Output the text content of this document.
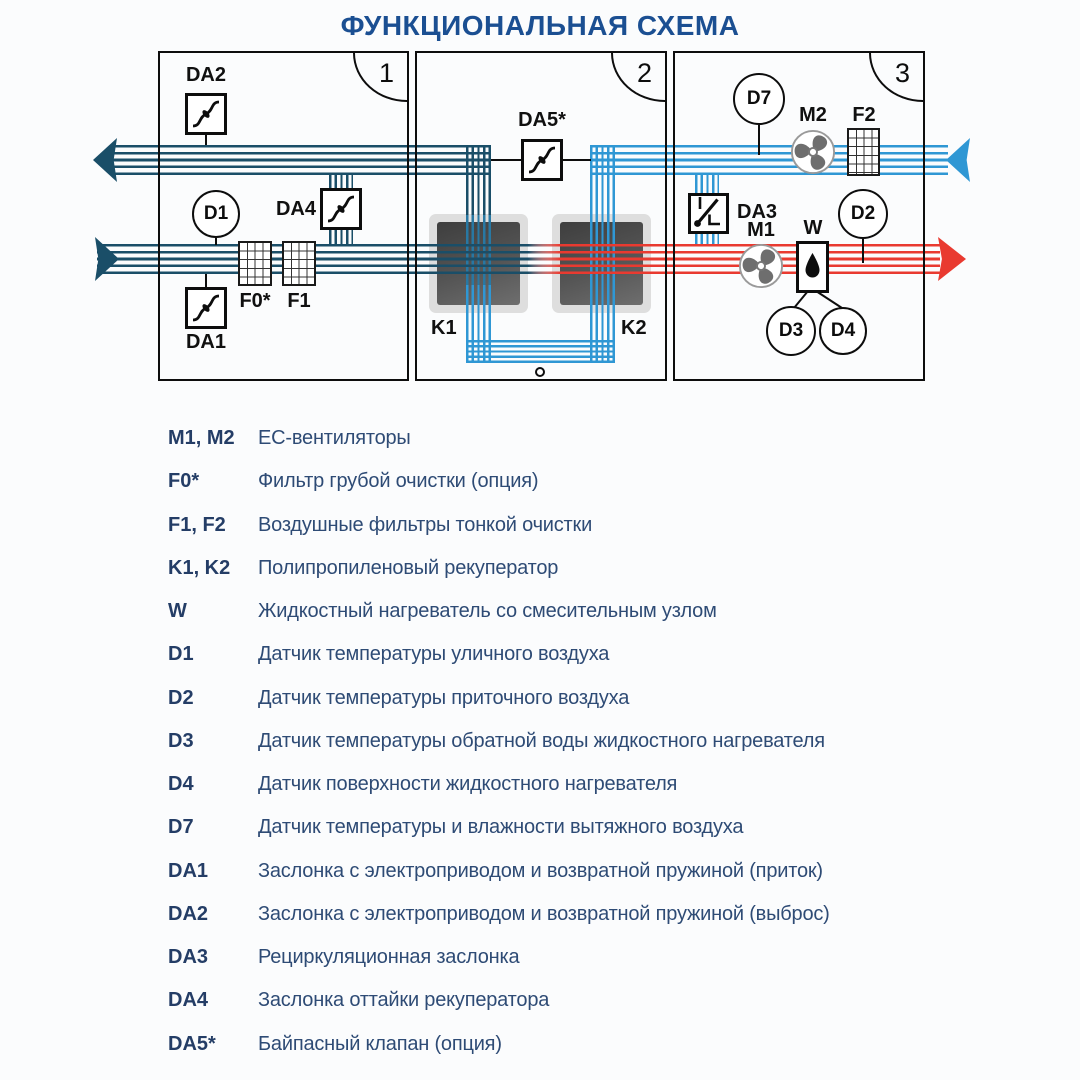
ФУНКЦИОНАЛЬНАЯ СХЕМА
1	2	3
D1
D7
D2
D3 D4
DA2
DA4
F0* F1
DA1
DA5*
K1	K2
M2	F2
DA3
M1	W
M1, M2	ЕС-вентиляторы
F0*	Фильтр грубой очистки (опция)
F1, F2	Воздушные фильтры тонкой очистки
K1, K2	Полипропиленовый рекуператор
W	Жидкостный нагреватель со смесительным узлом
D1	Датчик температуры уличного воздуха
D2	Датчик температуры приточного воздуха
D3	Датчик температуры обратной воды жидкостного нагревателя
D4	Датчик поверхности жидкостного нагревателя
D7	Датчик температуры и влажности вытяжного воздуха
DA1	Заслонка с электроприводом и возвратной пружиной (приток)
DA2	Заслонка с электроприводом и возвратной пружиной (выброс)
DA3	Рециркуляционная заслонка
DA4	Заслонка оттайки рекуператора
DA5*	Байпасный клапан (опция)
